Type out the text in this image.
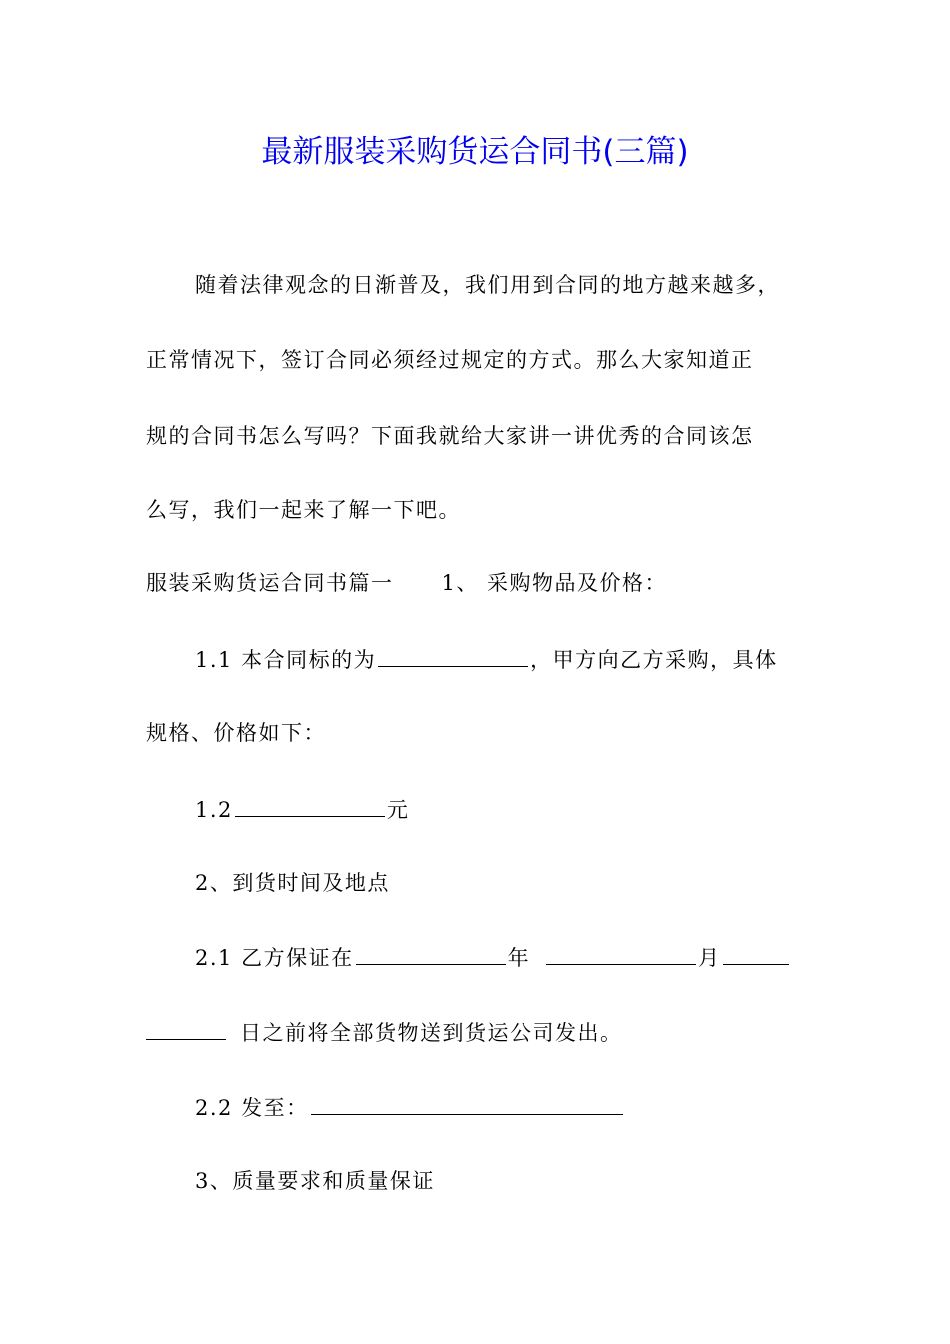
最新服装采购货运合同书(三篇)
随着法律观念的日渐普及，我们用到合同的地方越来越多，
正常情况下，签订合同必须经过规定的方式。那么大家知道正
规的合同书怎么写吗？下面我就给大家讲一讲优秀的合同该怎
么写，我们一起来了解一下吧。
服装采购货运合同书篇一 1、 采购物品及价格：
1.1 本合同标的为	，甲方向乙方采购，具体
规格、价格如下：
1.2	元
2、到货时间及地点
2.1 乙方保证在	年	月
日之前将全部货物送到货运公司发出。
2.2 发至：
3、质量要求和质量保证
